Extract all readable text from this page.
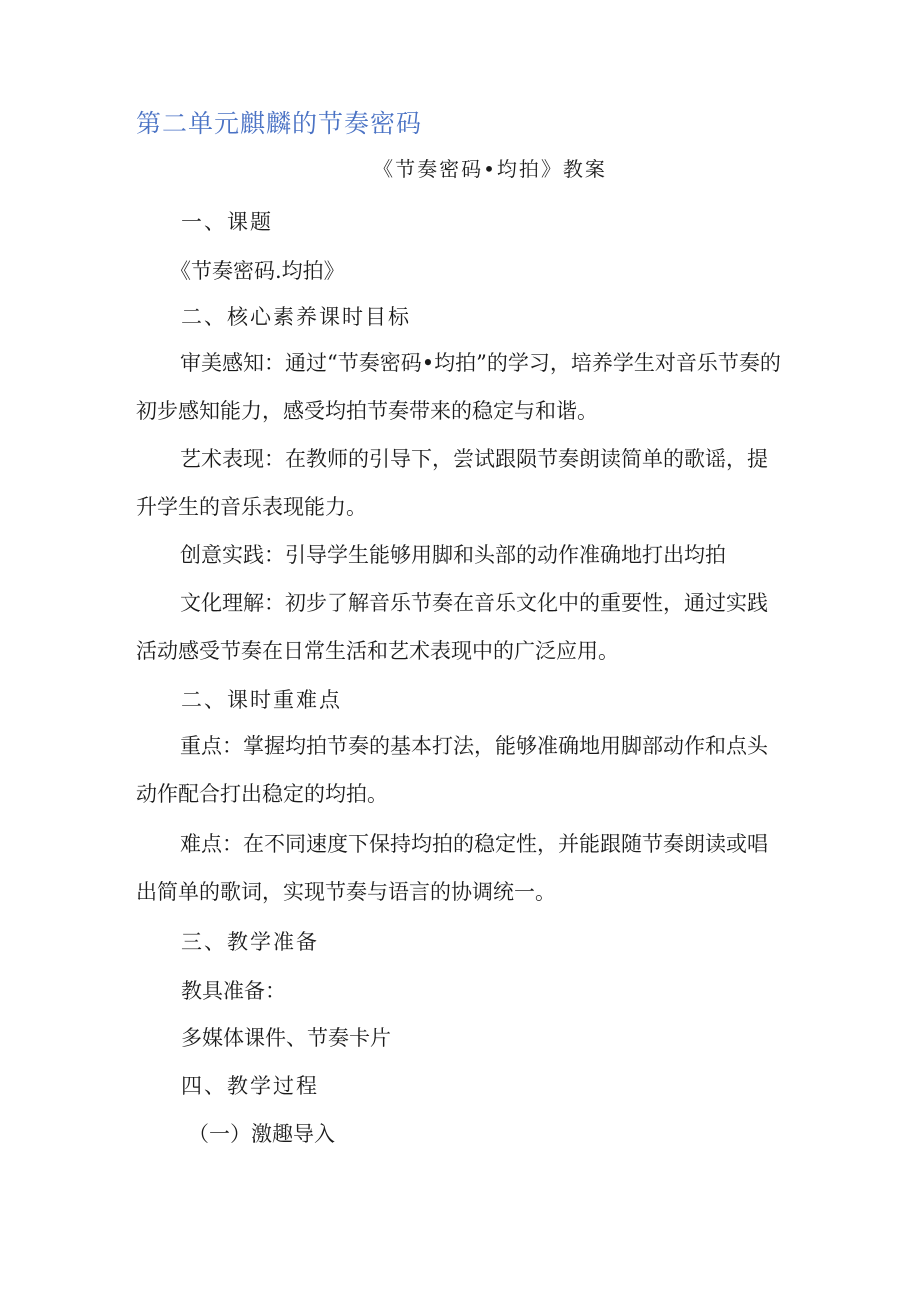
第二单元麒麟的节奏密码
《节奏密码•均拍》教案
一、课题
《节奏密码.均拍》
二、核心素养课时目标
审美感知：通过“节奏密码•均拍”的学习，培养学生对音乐节奏的初步感知能力，感受均拍节奏带来的稳定与和谐。
艺术表现：在教师的引导下，尝试跟陨节奏朗读简单的歌谣，提升学生的音乐表现能力。
创意实践：引导学生能够用脚和头部的动作准确地打出均拍
文化理解：初步了解音乐节奏在音乐文化中的重要性，通过实践活动感受节奏在日常生活和艺术表现中的广泛应用。
二、课时重难点
重点：掌握均拍节奏的基本打法，能够准确地用脚部动作和点头动作配合打出稳定的均拍。
难点：在不同速度下保持均拍的稳定性，并能跟随节奏朗读或唱出简单的歌词，实现节奏与语言的协调统一。
三、教学准备
教具准备：
多媒体课件、节奏卡片
四、教学过程
（一）激趣导入
